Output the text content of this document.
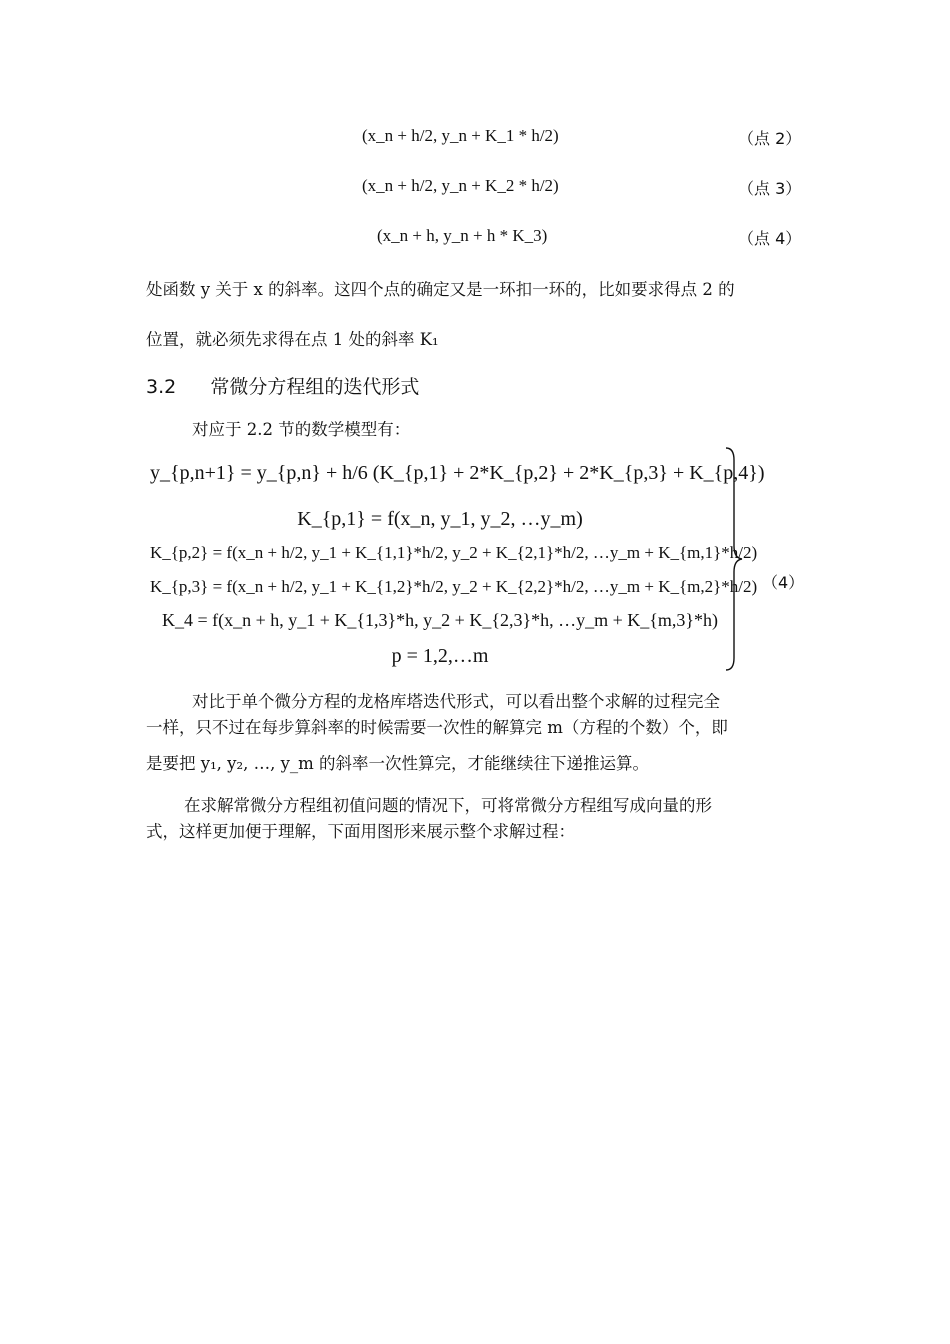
(x_n + h/2, y_n + K_1 * h/2)	（点 2）
(x_n + h/2, y_n + K_2 * h/2)	（点 3）
(x_n + h, y_n + h * K_3)	（点 4）
处函数 y 关于 x 的斜率。这四个点的确定又是一环扣一环的，比如要求得点 2 的
位置，就必须先求得在点 1 处的斜率 K₁
3.2 常微分方程组的迭代形式
对应于 2.2 节的数学模型有：
y_{p,n+1} = y_{p,n} + h/6 (K_{p,1} + 2*K_{p,2} + 2*K_{p,3} + K_{p,4})
K_{p,1} = f(x_n, y_1, y_2, …y_m)
K_{p,2} = f(x_n + h/2, y_1 + K_{1,1}*h/2, y_2 + K_{2,1}*h/2, …y_m + K_{m,1}*h/2)
K_{p,3} = f(x_n + h/2, y_1 + K_{1,2}*h/2, y_2 + K_{2,2}*h/2, …y_m + K_{m,2}*h/2)
K_4 = f(x_n + h, y_1 + K_{1,3}*h, y_2 + K_{2,3}*h, …y_m + K_{m,3}*h)
p = 1,2,…m
（4）
对比于单个微分方程的龙格库塔迭代形式，可以看出整个求解的过程完全
一样，只不过在每步算斜率的时候需要一次性的解算完 m（方程的个数）个，即
是要把 y₁, y₂, …, y_m 的斜率一次性算完，才能继续往下递推运算。
在求解常微分方程组初值问题的情况下，可将常微分方程组写成向量的形
式，这样更加便于理解，下面用图形来展示整个求解过程：
